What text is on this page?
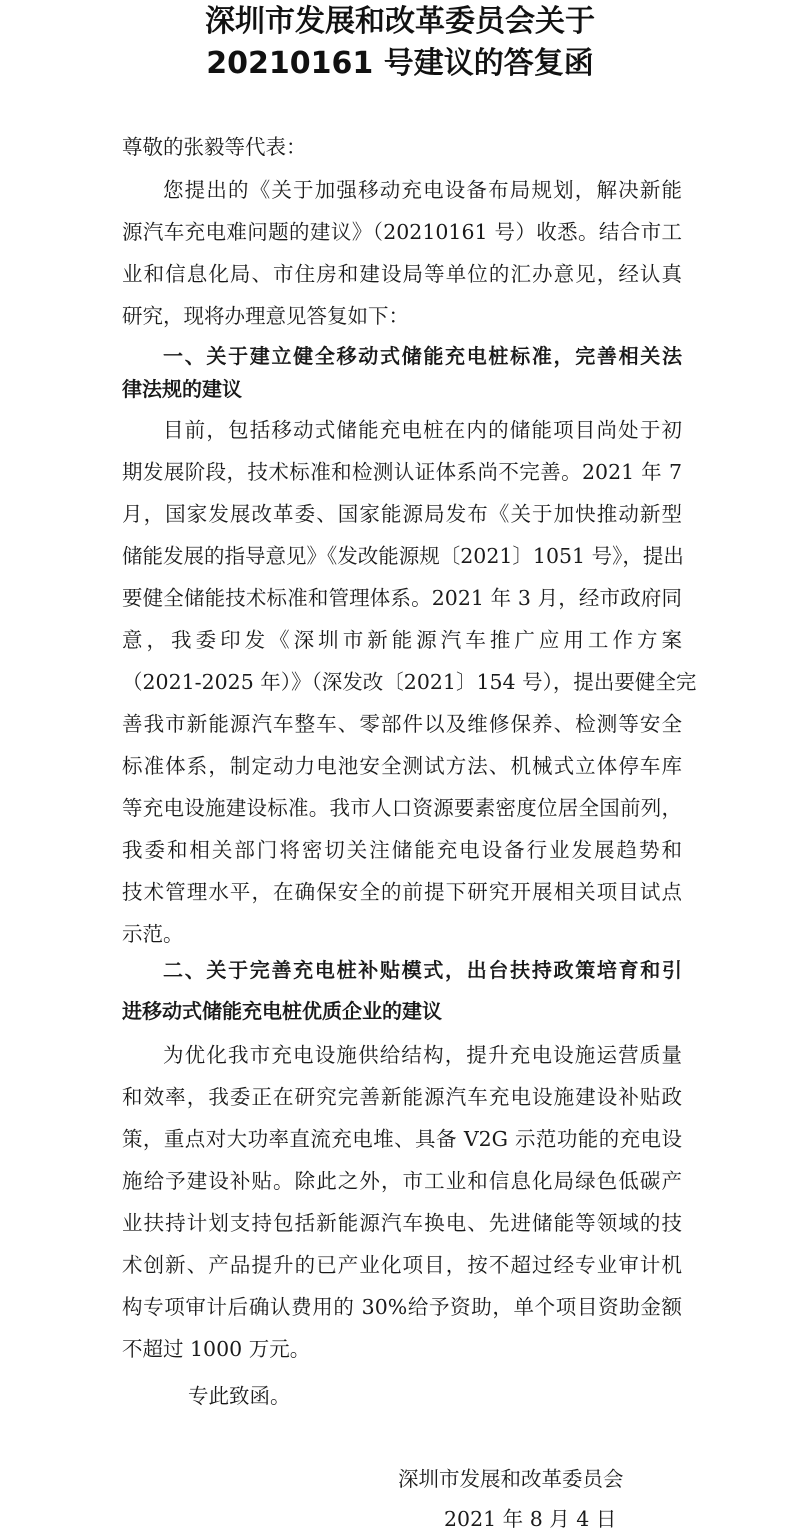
深圳市发展和改革委员会关于
20210161 号建议的答复函
尊敬的张毅等代表：
您提出的《关于加强移动充电设备布局规划，解决新能
源汽车充电难问题的建议》（20210161 号）收悉。结合市工
业和信息化局、市住房和建设局等单位的汇办意见，经认真
研究，现将办理意见答复如下：
一、关于建立健全移动式储能充电桩标准，完善相关法
律法规的建议
目前，包括移动式储能充电桩在内的储能项目尚处于初
期发展阶段，技术标准和检测认证体系尚不完善。2021 年 7
月，国家发展改革委、国家能源局发布《关于加快推动新型
储能发展的指导意见》《发改能源规〔2021〕1051 号》，提出
要健全储能技术标准和管理体系。2021 年 3 月，经市政府同
意，我委印发《深圳市新能源汽车推广应用工作方案
（2021-2025 年）》（深发改〔2021〕154 号），提出要健全完
善我市新能源汽车整车、零部件以及维修保养、检测等安全
标准体系，制定动力电池安全测试方法、机械式立体停车库
等充电设施建设标准。我市人口资源要素密度位居全国前列，
我委和相关部门将密切关注储能充电设备行业发展趋势和
技术管理水平，在确保安全的前提下研究开展相关项目试点
示范。
二、关于完善充电桩补贴模式，出台扶持政策培育和引
进移动式储能充电桩优质企业的建议
为优化我市充电设施供给结构，提升充电设施运营质量
和效率，我委正在研究完善新能源汽车充电设施建设补贴政
策，重点对大功率直流充电堆、具备 V2G 示范功能的充电设
施给予建设补贴。除此之外，市工业和信息化局绿色低碳产
业扶持计划支持包括新能源汽车换电、先进储能等领域的技
术创新、产品提升的已产业化项目，按不超过经专业审计机
构专项审计后确认费用的 30%给予资助，单个项目资助金额
不超过 1000 万元。
专此致函。
深圳市发展和改革委员会
2021 年 8 月 4 日
